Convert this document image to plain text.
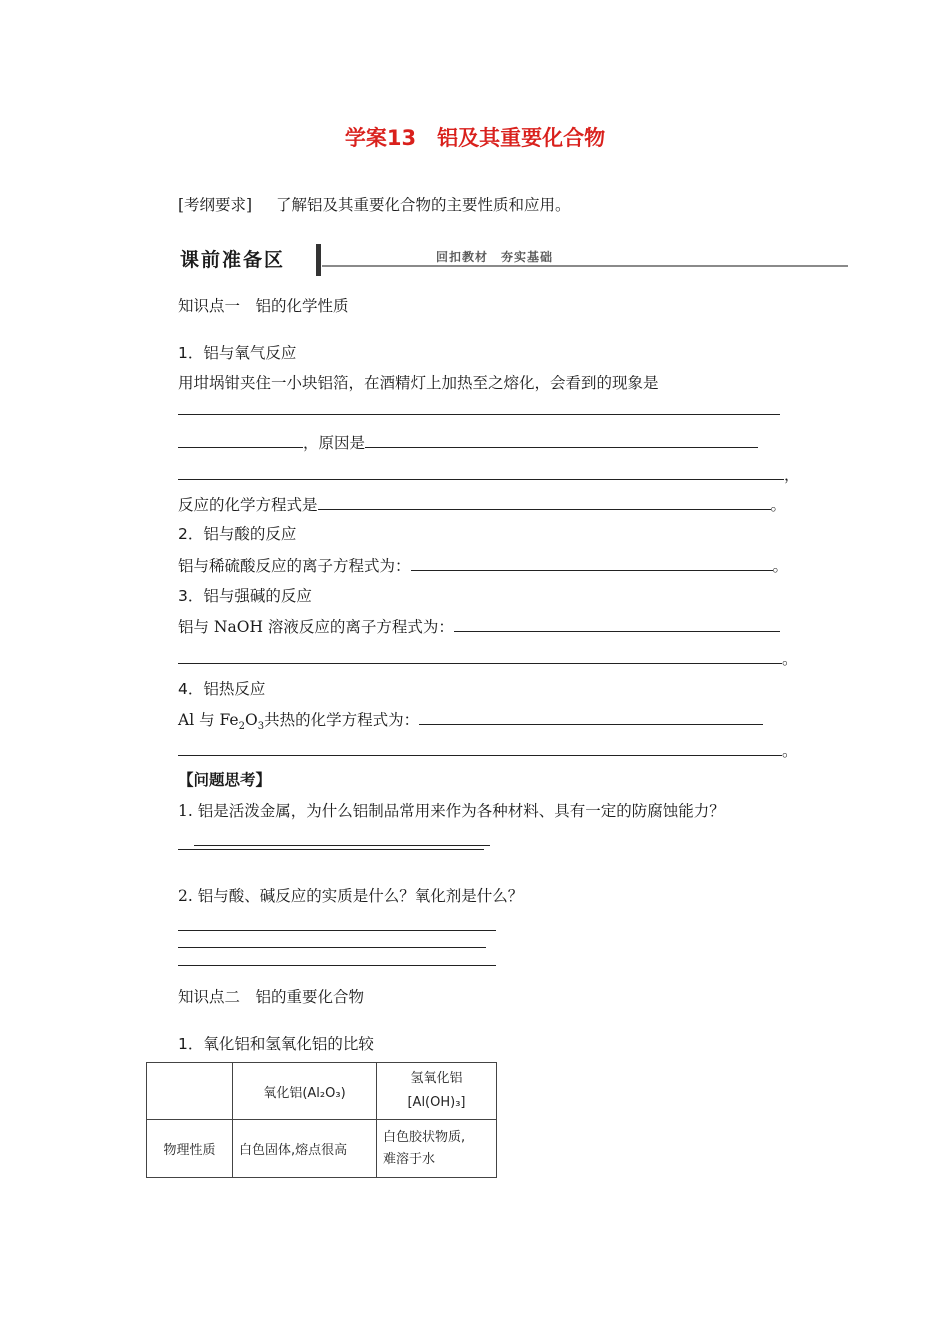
学案13　铝及其重要化合物
[考纲要求] 了解铝及其重要化合物的主要性质和应用。
课前准备区	回扣教材　夯实基础
知识点一　铝的化学性质
1．铝与氧气反应
用坩埚钳夹住一小块铝箔，在酒精灯上加热至之熔化，会看到的现象是
，原因是
，
反应的化学方程式是	。
2．铝与酸的反应
铝与稀硫酸反应的离子方程式为：	。
3．铝与强碱的反应
铝与 NaOH 溶液反应的离子方程式为：
。
4．铝热反应
Al 与 $Fe_2O_3$共热的化学方程式为：
。
【问题思考】
1. 铝是活泼金属，为什么铝制品常用来作为各种材料、具有一定的防腐蚀能力？
2. 铝与酸、碱反应的实质是什么？氧化剂是什么？
知识点二　铝的重要化合物
1．氧化铝和氢氧化铝的比较
	氧化铝(Al₂O₃)	氢氧化铝
[Al(OH)₃]

物理性质	白色固体,熔点很高	白色胶状物质,
难溶于水
